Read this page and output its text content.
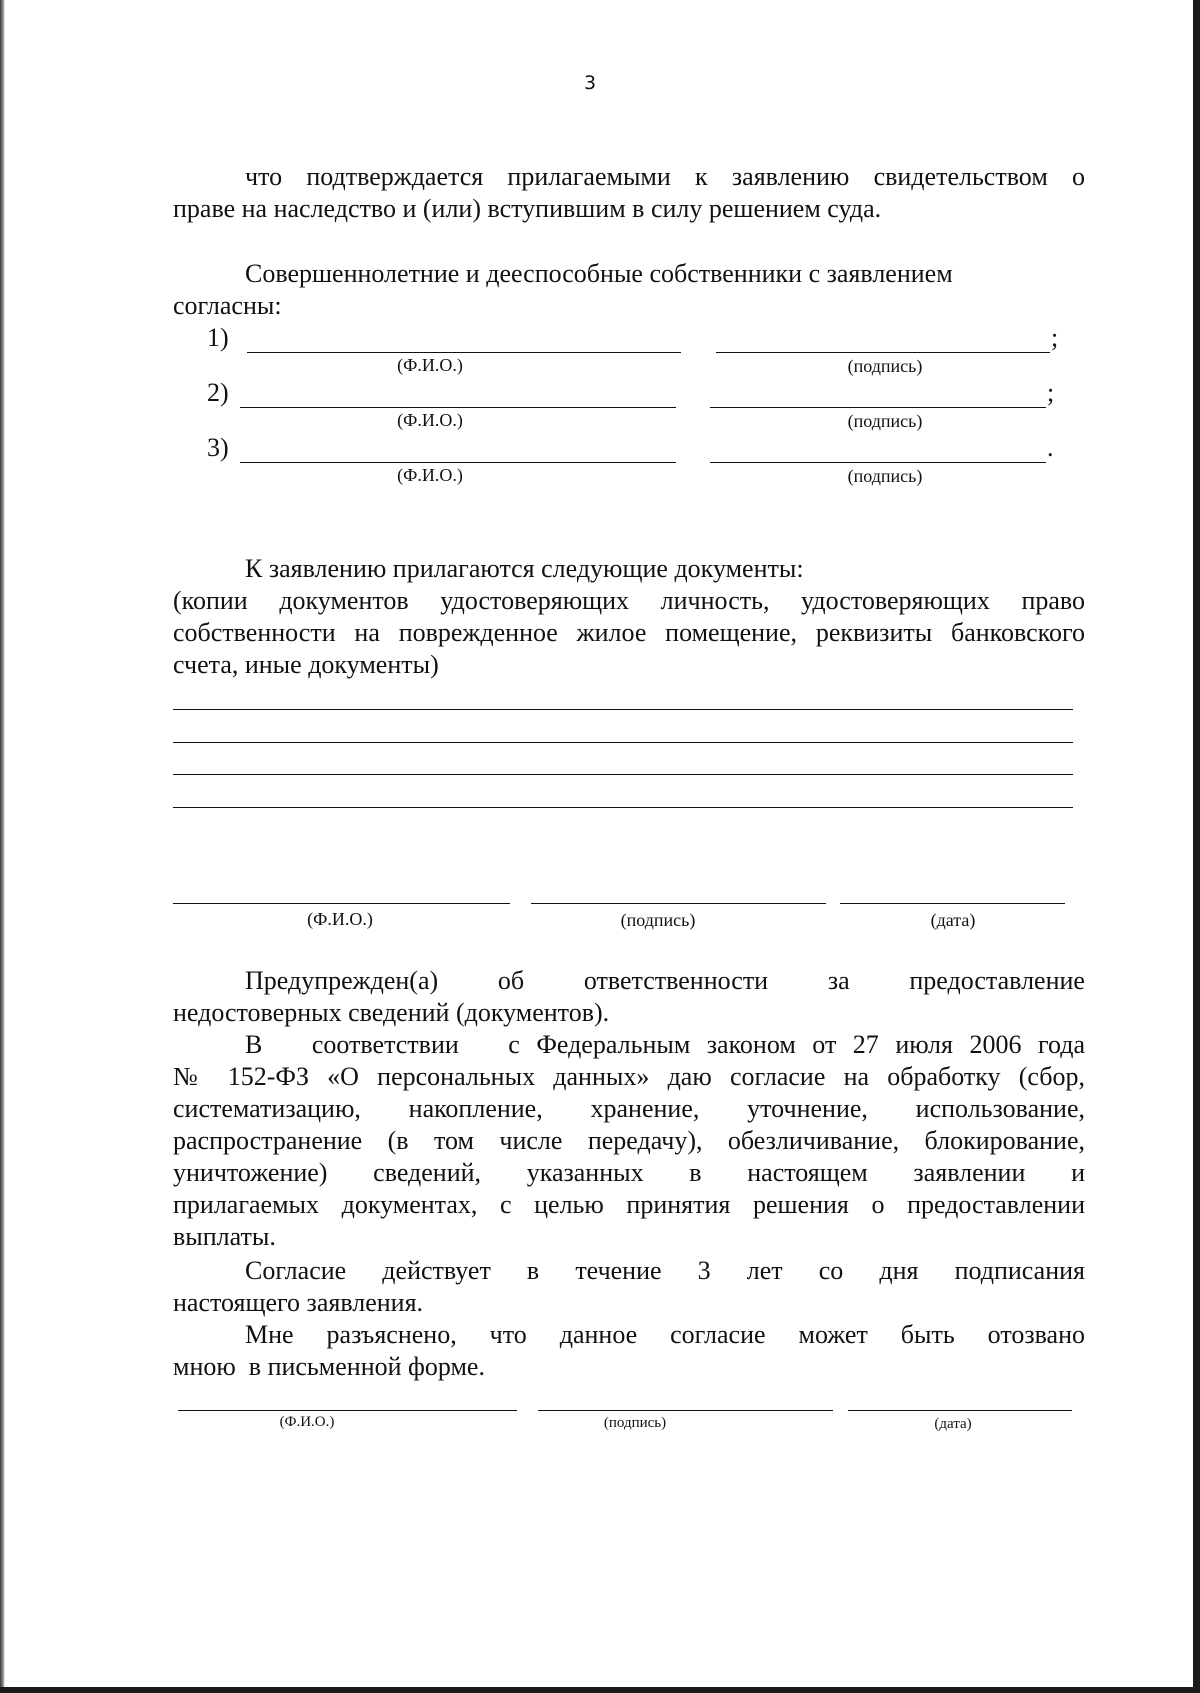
3
что подтверждается прилагаемыми к заявлению свидетельством о
праве на наследство и (или) вступившим в силу решением суда.
Совершеннолетние и дееспособные собственники с заявлением
согласны:
1)	;
(Ф.И.О.)	(подпись)
2)	;
(Ф.И.О.)	(подпись)
3)	.
(Ф.И.О.)	(подпись)
К заявлению прилагаются следующие документы:
(копии документов удостоверяющих личность, удостоверяющих право
собственности на поврежденное жилое помещение, реквизиты банковского
счета, иные документы)
(Ф.И.О.)	(подпись)	(дата)
Предупрежден(а) об ответственности за предоставление
недостоверных сведений (документов).
В   соответствии   с Федеральным законом от 27 июля 2006 года
№ 152-ФЗ «О персональных данных» даю согласие на обработку (сбор,
систематизацию, накопление, хранение, уточнение, использование,
распространение (в том числе передачу), обезличивание, блокирование,
уничтожение) сведений, указанных в настоящем заявлении и
прилагаемых документах, с целью принятия решения о предоставлении
выплаты.
Согласие действует в течение 3 лет со дня подписания
настоящего заявления.
Мне разъяснено, что данное согласие может быть отозвано
мною  в письменной форме.
(Ф.И.О.)	(подпись)	(дата)
